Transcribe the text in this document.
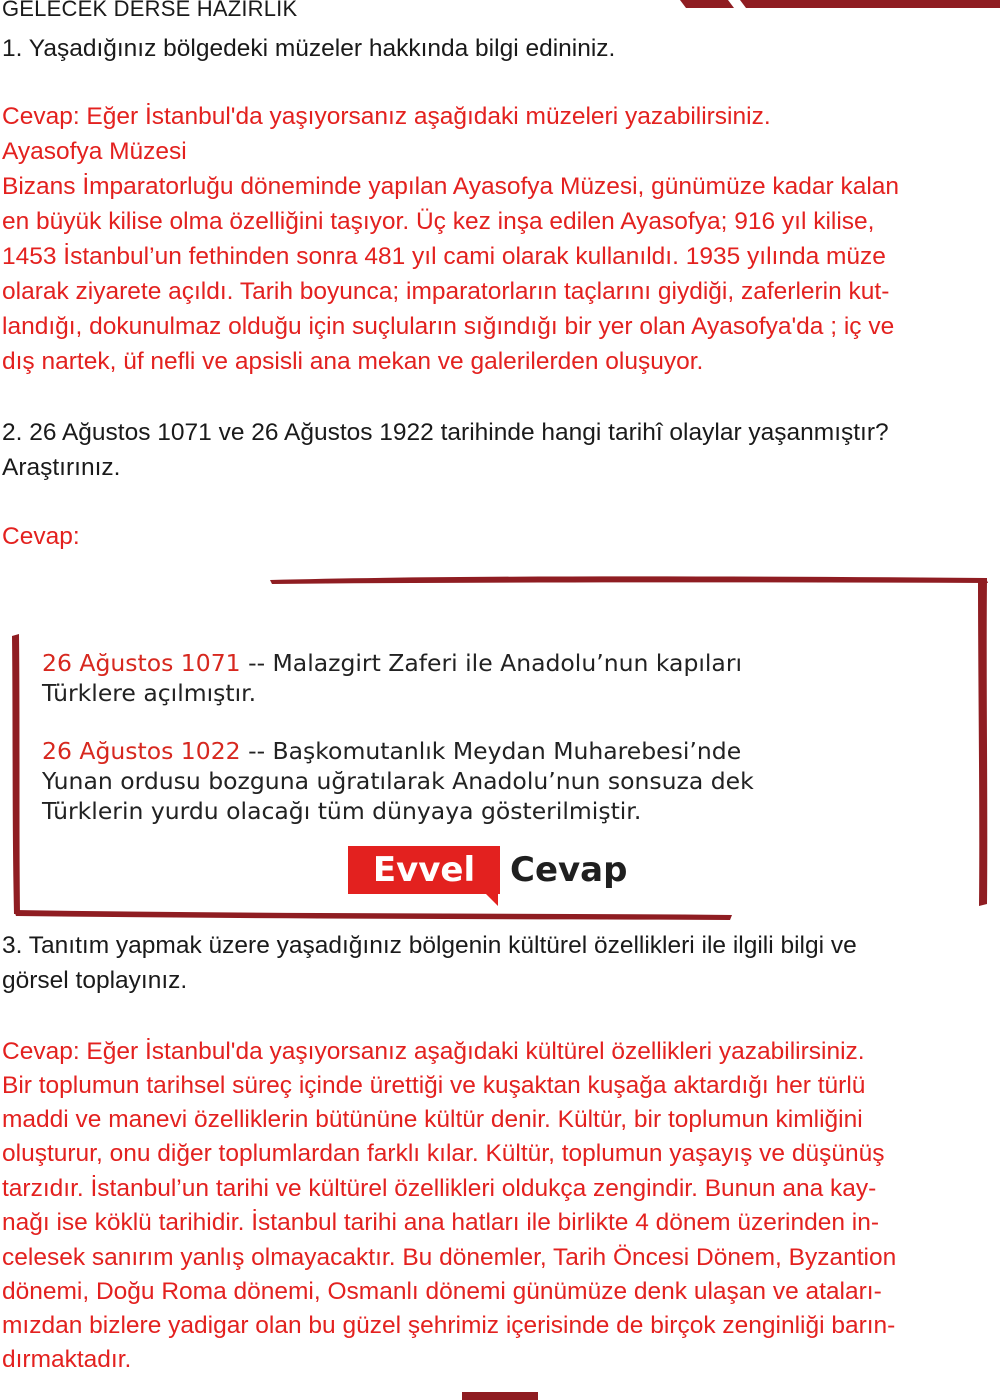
GELECEK DERSE HAZIRLIK
1. Yaşadığınız bölgedeki müzeler hakkında bilgi edininiz.
Cevap: Eğer İstanbul'da yaşıyorsanız aşağıdaki müzeleri yazabilirsiniz.
Ayasofya Müzesi
Bizans İmparatorluğu döneminde yapılan Ayasofya Müzesi, günümüze kadar kalan
en büyük kilise olma özelliğini taşıyor. Üç kez inşa edilen Ayasofya; 916 yıl kilise,
1453 İstanbul’un fethinden sonra 481 yıl cami olarak kullanıldı. 1935 yılında müze
olarak ziyarete açıldı. Tarih boyunca; imparatorların taçlarını giydiği, zaferlerin kut-
landığı, dokunulmaz olduğu için suçluların sığındığı bir yer olan Ayasofya'da ; iç ve
dış nartek, üf nefli ve apsisli ana mekan ve galerilerden oluşuyor.
2. 26 Ağustos 1071 ve 26 Ağustos 1922 tarihinde hangi tarihî olaylar yaşanmıştır?
Araştırınız.
Cevap:
26 Ağustos 1071 -- Malazgirt Zaferi ile Anadolu’nun kapıları
Türklere açılmıştır.
26 Ağustos 1022 -- Başkomutanlık Meydan Muharebesi’nde
Yunan ordusu bozguna uğratılarak Anadolu’nun sonsuza dek
Türklerin yurdu olacağı tüm dünyaya gösterilmiştir.
Evvel	Cevap
3. Tanıtım yapmak üzere yaşadığınız bölgenin kültürel özellikleri ile ilgili bilgi ve
görsel toplayınız.
Cevap: Eğer İstanbul'da yaşıyorsanız aşağıdaki kültürel özellikleri yazabilirsiniz.
Bir toplumun tarihsel süreç içinde ürettiği ve kuşaktan kuşağa aktardığı her türlü
maddi ve manevi özelliklerin bütününe kültür denir. Kültür, bir toplumun kimliğini
oluşturur, onu diğer toplumlardan farklı kılar. Kültür, toplumun yaşayış ve düşünüş
tarzıdır. İstanbul’un tarihi ve kültürel özellikleri oldukça zengindir. Bunun ana kay-
nağı ise köklü tarihidir. İstanbul tarihi ana hatları ile birlikte 4 dönem üzerinden in-
celesek sanırım yanlış olmayacaktır. Bu dönemler, Tarih Öncesi Dönem, Byzantion
dönemi, Doğu Roma dönemi, Osmanlı dönemi günümüze denk ulaşan ve ataları-
mızdan bizlere yadigar olan bu güzel şehrimiz içerisinde de birçok zenginliği barın-
dırmaktadır.
